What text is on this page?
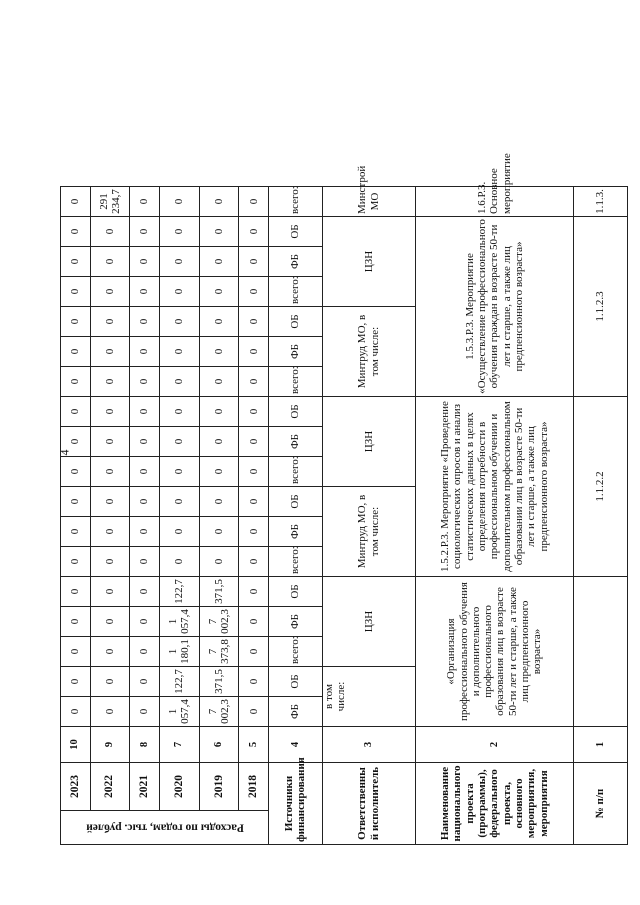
4
Расходы по годам, тыс. рублей	2023	10	0	0	0	0	0	0	0	0	0	0	0	0	0	0	0	0	0	0
	2022	9	0	0	0	0	0	0	0	0	0	0	0	0	0	0	0	0	0	291 234,7
	2021	8	0	0	0	0	0	0	0	0	0	0	0	0	0	0	0	0	0	0
	2020	7	1 057,4	122,7	1 180,1	1 057,4	122,7	0	0	0	0	0	0	0	0	0	0	0	0	0
	2019	6	7 002,3	371,5	7 373,8	7 002,3	371,5	0	0	0	0	0	0	0	0	0	0	0	0	0
	2018	5	0	0	0	0	0	0	0	0	0	0	0	0	0	0	0	0	0	0
Источники финансирования		4	ФБ	ОБ	всего:	ФБ	ОБ	всего:	ФБ	ОБ	всего:	ФБ	ОБ	всего:	ФБ	ОБ	всего:	ФБ	ОБ	всего:
Ответственны й исполнитель		3	в том числе:		ЦЗН			Минтруд МО, в том числе:			ЦЗН			Минтруд МО, в том числе:			ЦЗН			Минстрой МО
Наименование национального проекта (программы), федерального проекта, основного мероприятия, мероприятия		2	«Организация профессионального обучения и дополнительного профессионального образования лиц в возрасте 50-ти лет и старше, а также лиц предпенсионного возраста»					1.5.2.Р.3. Мероприятие «Проведение социологических опросов и анализ статистических данных в целях определения потребности в профессиональном обучении и дополнительном профессиональном образовании лиц в возрасте 50-ти лет и старше, а также лиц предпенсионного возраста»						1.5.3.Р.3. Мероприятие «Осуществление профессионального обучения граждан в возрасте 50-ти лет и старше, а также лиц предпенсионного возраста»						1.6.Р.3. Основное мероприятие
№ п/п		1						1.1.2.2						1.1.2.3						1.1.3.
